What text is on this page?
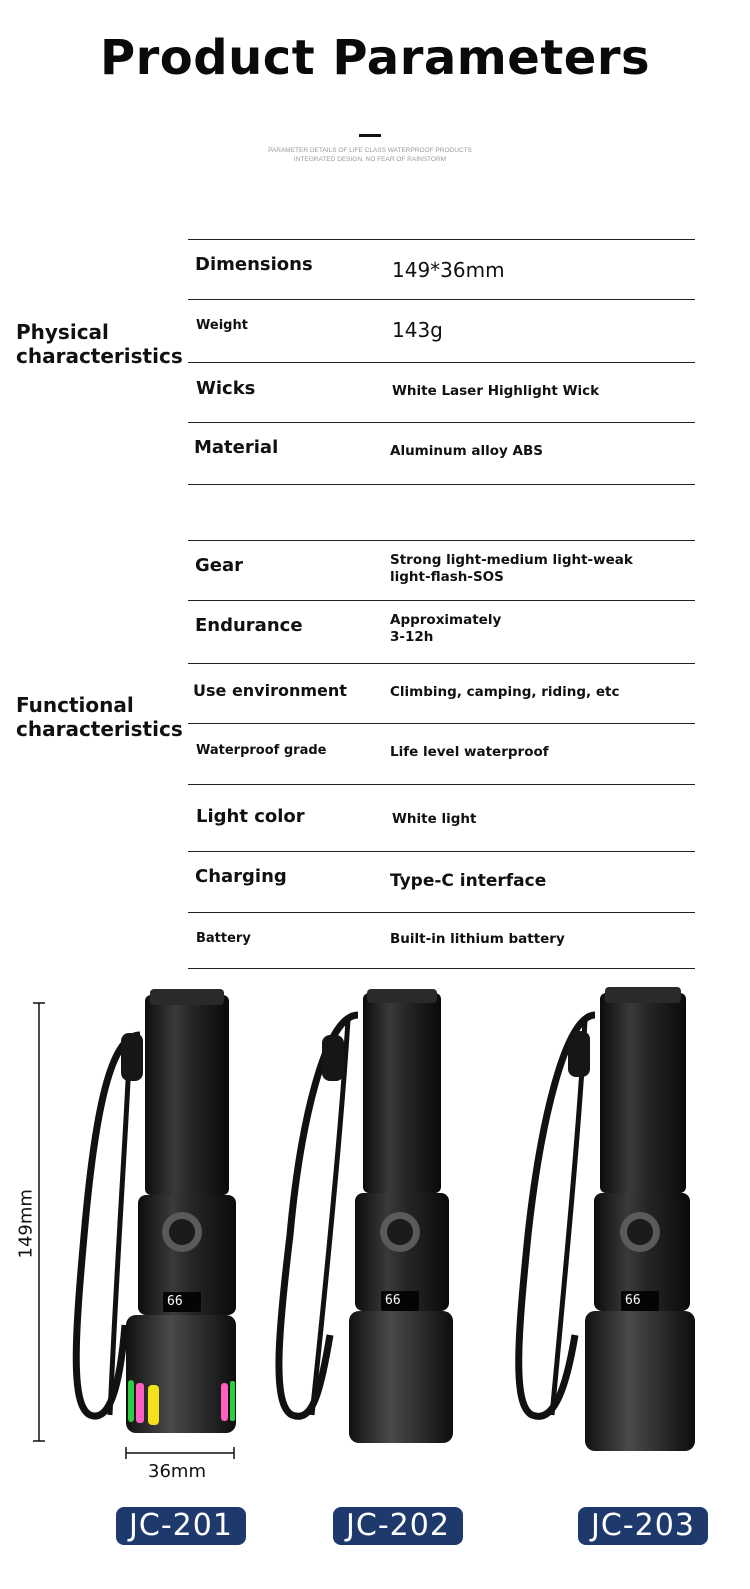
Product Parameters
PARAMETER DETAILS OF LIFE CLASS WATERPROOF PRODUCTS
INTEGRATED DESIGN, NO FEAR OF RAINSTORM
Physical
characteristics
Dimensions	149*36mm
Weight	143g
Wicks	White Laser Highlight Wick
Material	Aluminum alloy ABS
Functional
characteristics
Gear	Strong light-medium light-weak
light-flash-SOS
Endurance	Approximately
3-12h
Use environment	Climbing, camping, riding, etc
Waterproof grade	Life level waterproof
Light color	White light
Charging	Type-C interface
Battery	Built-in lithium battery
66	66	66
149mm
36mm
JC-201	JC-202	JC-203
